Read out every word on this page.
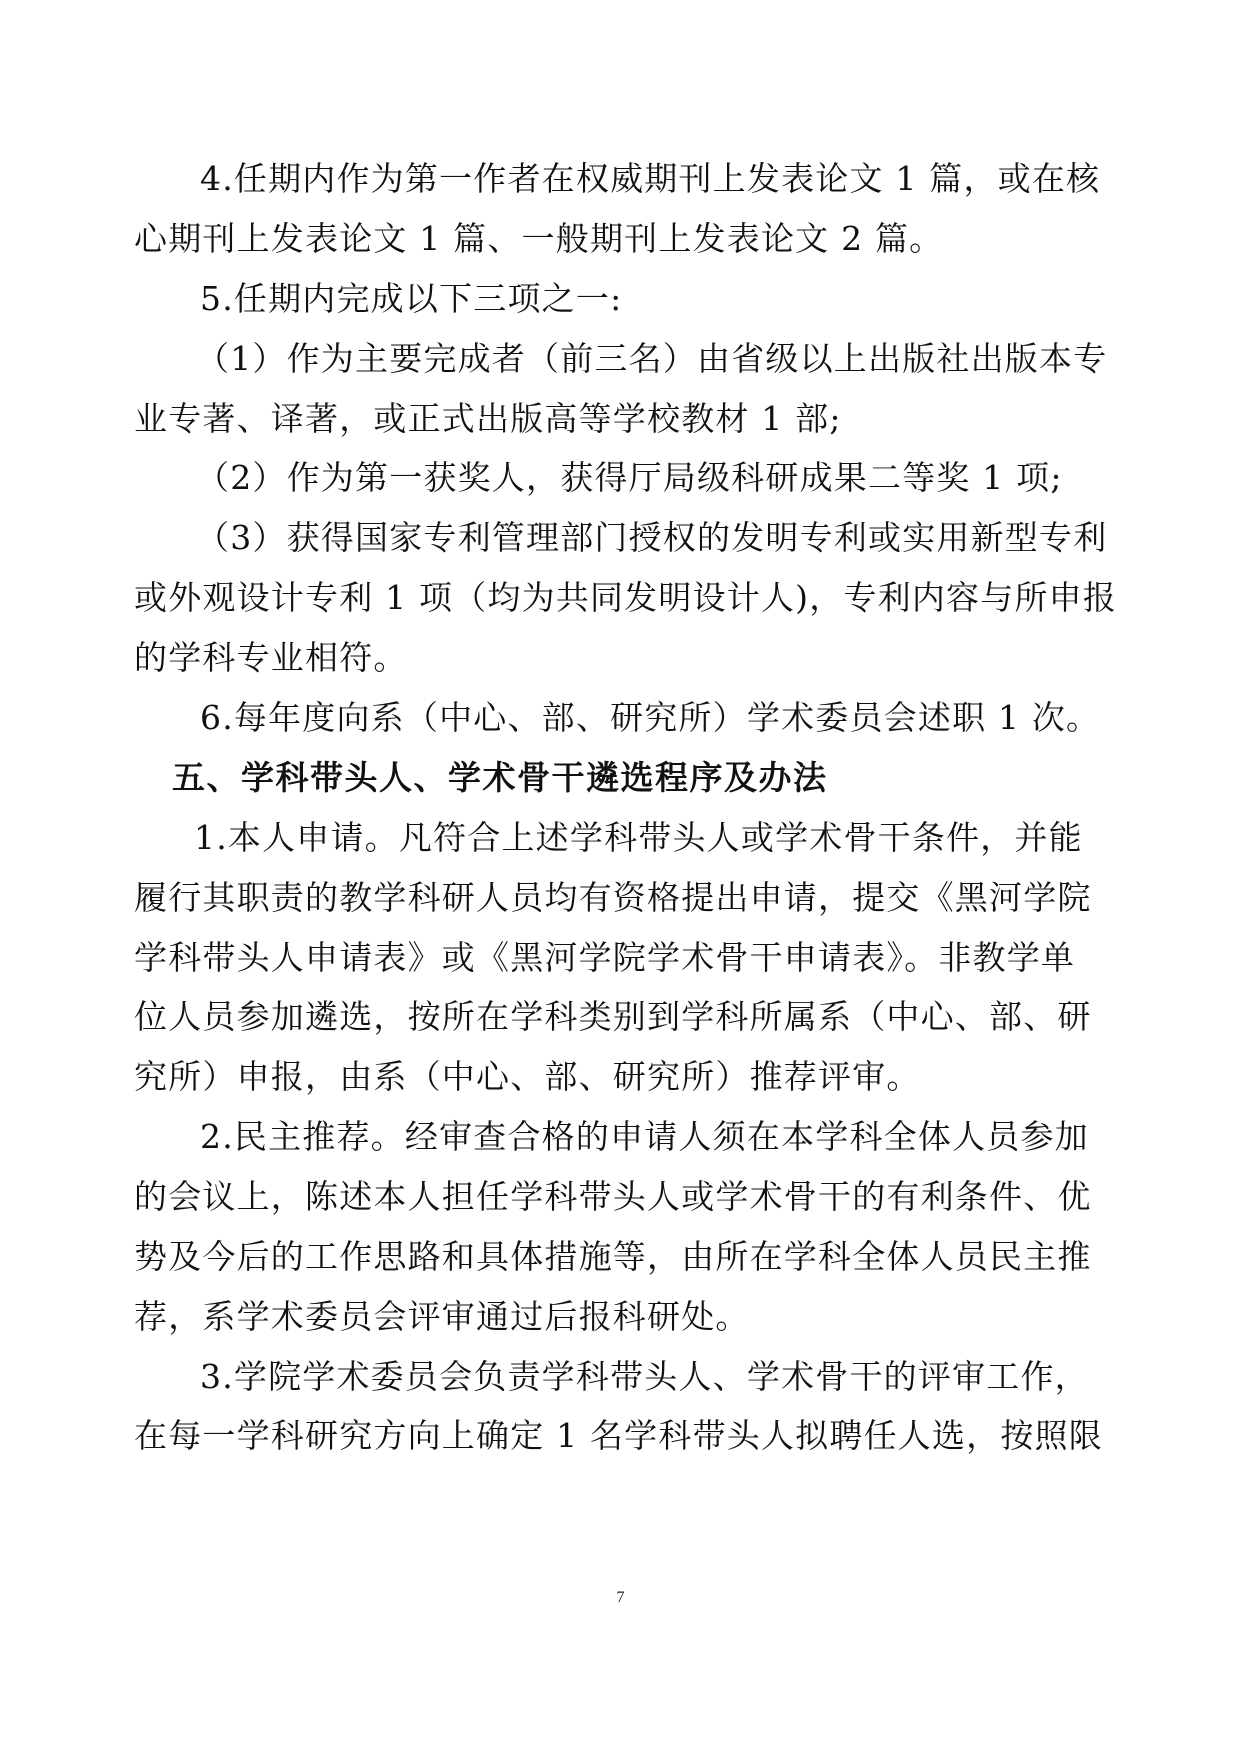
4.任期内作为第一作者在权威期刊上发表论文 1 篇，或在核
心期刊上发表论文 1 篇、一般期刊上发表论文 2 篇。
5.任期内完成以下三项之一:
（1）作为主要完成者（前三名）由省级以上出版社出版本专
业专著、译著，或正式出版高等学校教材 1 部;
（2）作为第一获奖人，获得厅局级科研成果二等奖 1 项;
（3）获得国家专利管理部门授权的发明专利或实用新型专利
或外观设计专利 1 项（均为共同发明设计人)，专利内容与所申报
的学科专业相符。
6.每年度向系（中心、部、研究所）学术委员会述职 1 次。
五、学科带头人、学术骨干遴选程序及办法
1.本人申请。凡符合上述学科带头人或学术骨干条件，并能
履行其职责的教学科研人员均有资格提出申请，提交《黑河学院
学科带头人申请表》或《黑河学院学术骨干申请表》。非教学单
位人员参加遴选，按所在学科类别到学科所属系（中心、部、研
究所）申报，由系（中心、部、研究所）推荐评审。
2.民主推荐。经审查合格的申请人须在本学科全体人员参加
的会议上，陈述本人担任学科带头人或学术骨干的有利条件、优
势及今后的工作思路和具体措施等，由所在学科全体人员民主推
荐，系学术委员会评审通过后报科研处。
3.学院学术委员会负责学科带头人、学术骨干的评审工作，
在每一学科研究方向上确定 1 名学科带头人拟聘任人选，按照限
7
